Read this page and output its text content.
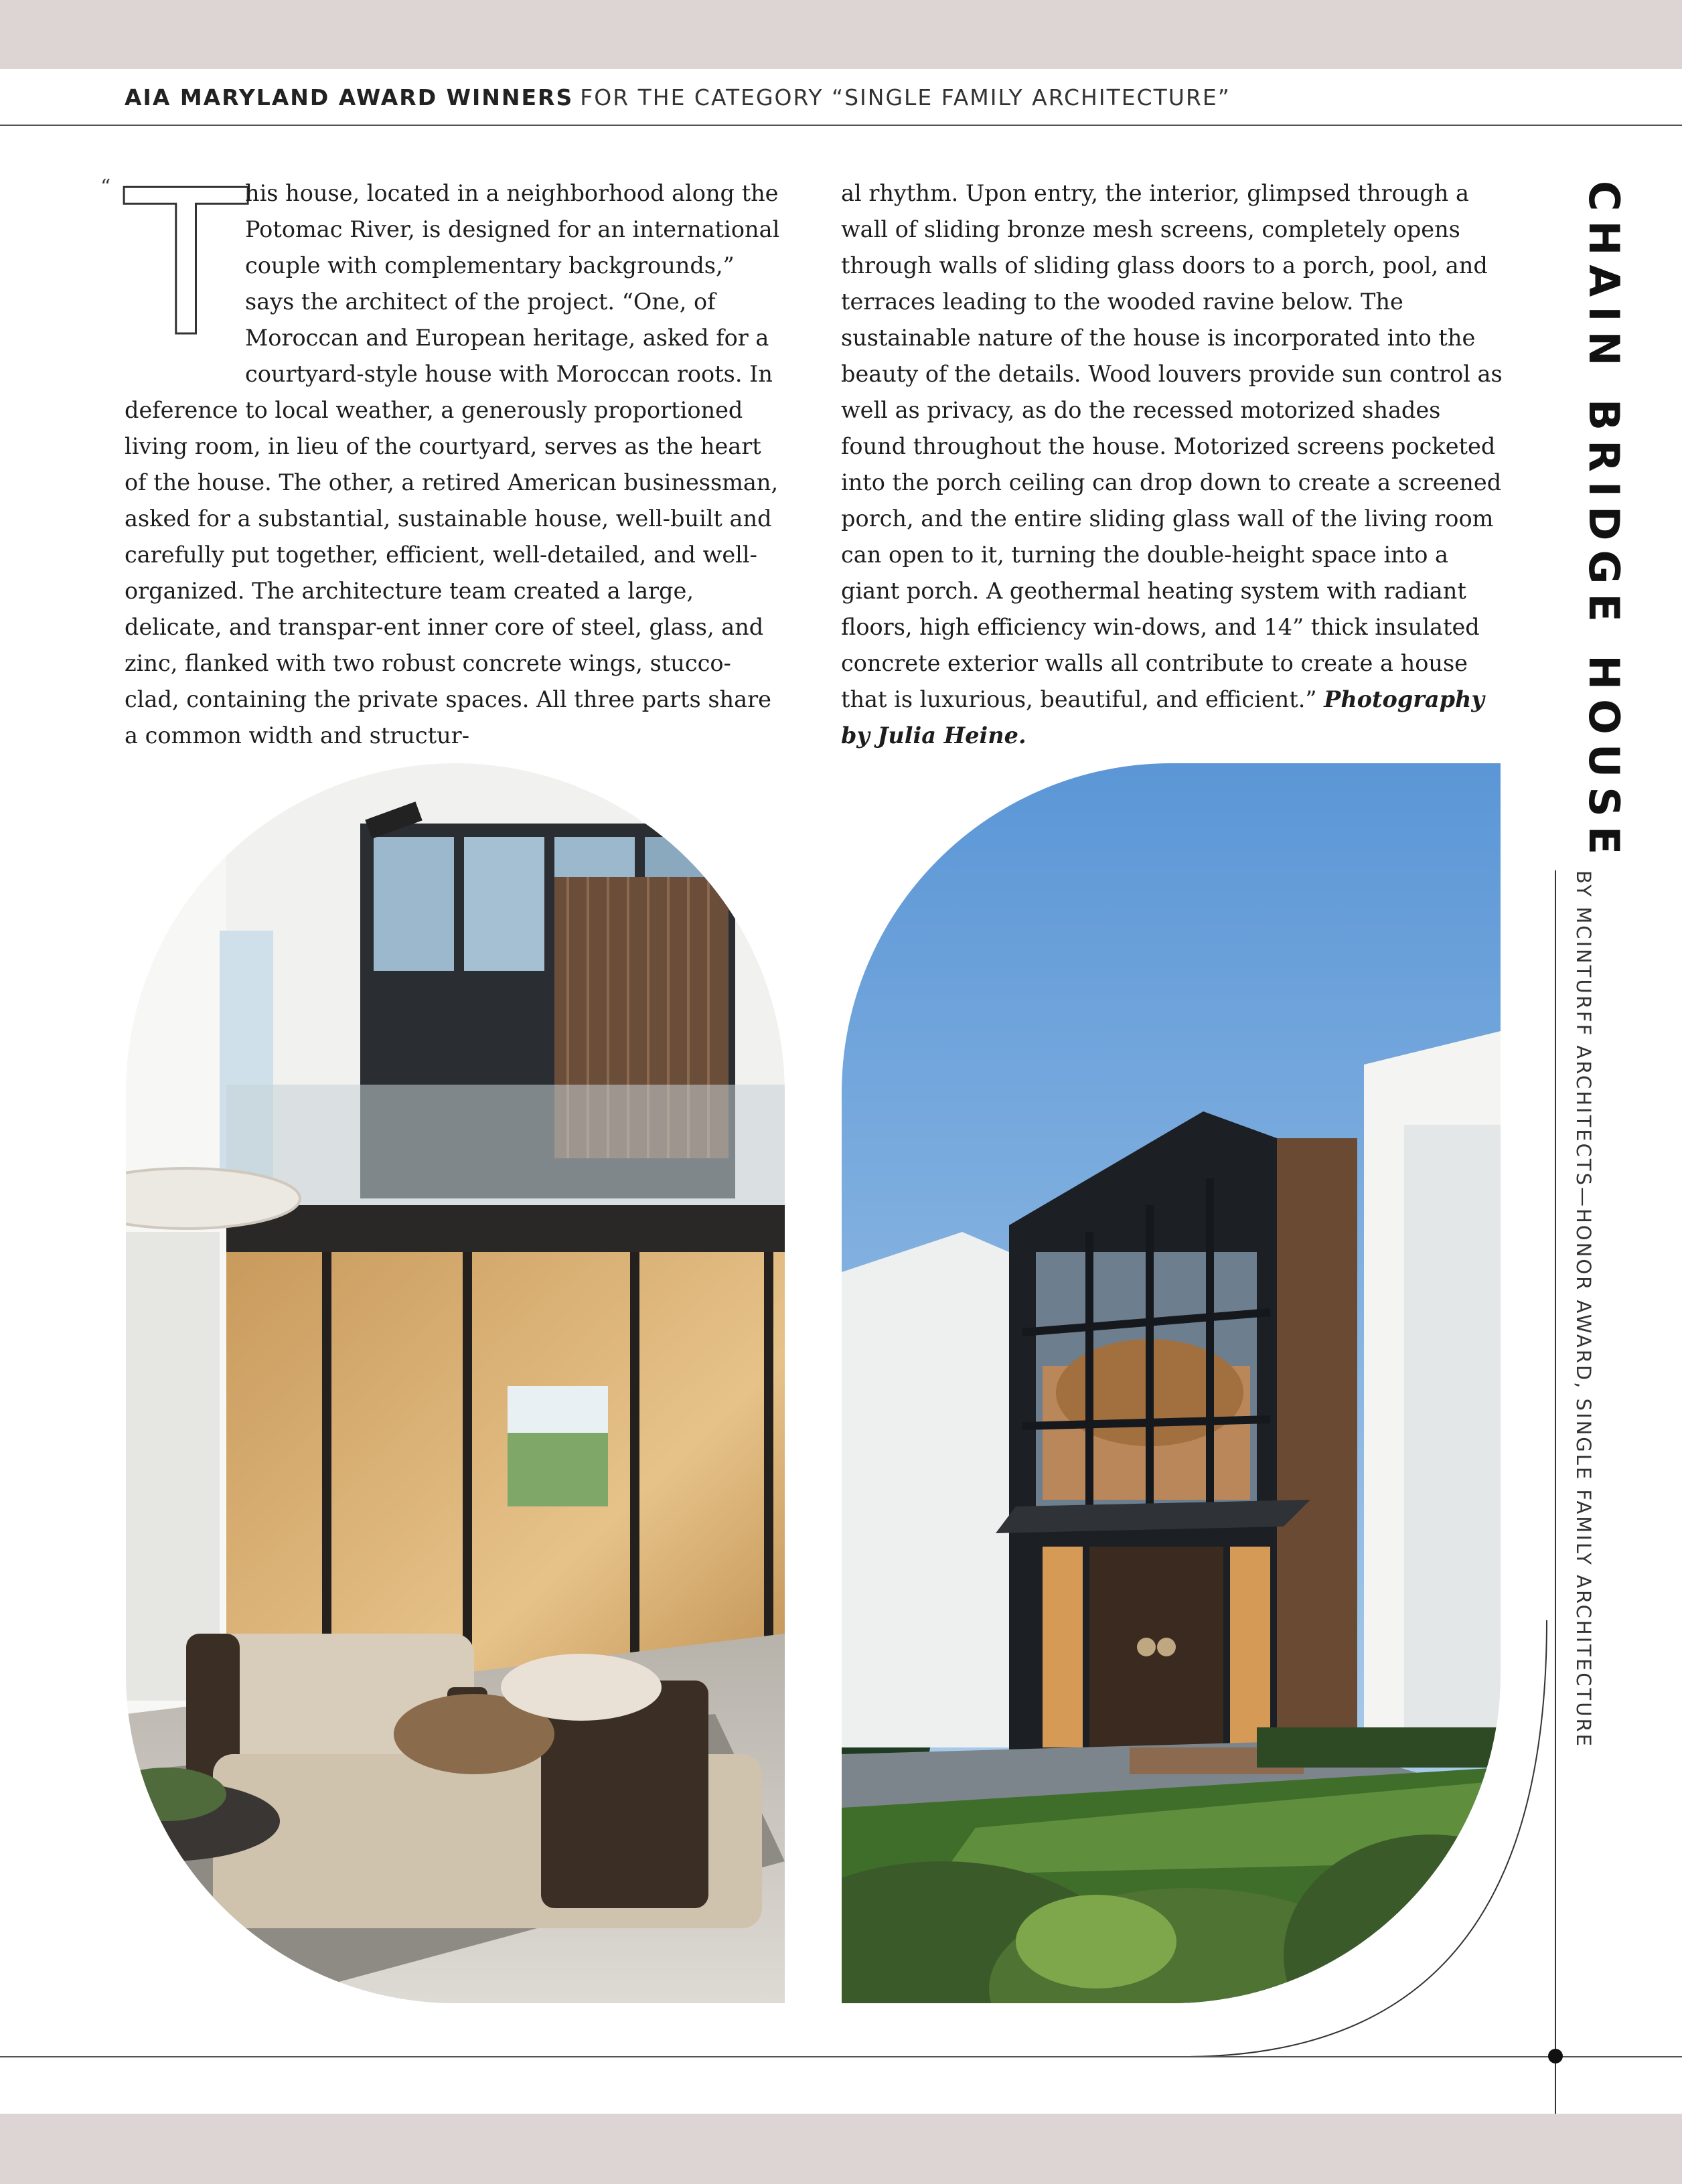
AIA MARYLAND AWARD WINNERS FOR THE CATEGORY “SINGLE FAMILY ARCHITECTURE”
“ T

his house, located in a neighborhood along the Potomac River, is designed for an international couple with complementary backgrounds,” says the architect of the project. “One, of Moroccan and European heritage, asked for a courtyard-style house with Moroccan roots. In deference to local weather, a generously proportioned living room, in lieu of the courtyard, serves as the heart of the house. The other, a retired American businessman, asked for a substantial, sustainable house, well-built and carefully put together, efficient, well-detailed, and well-organized. The architecture team created a large, delicate, and transpar-ent inner core of steel, glass, and zinc, flanked with two robust concrete wings, stucco-clad, containing the private spaces. All three parts share a common width and structur-

al rhythm. Upon entry, the interior, glimpsed through a wall of sliding bronze mesh screens, completely opens through walls of sliding glass doors to a porch, pool, and terraces leading to the wooded ravine below. The sustainable nature of the house is incorporated into the beauty of the details. Wood louvers provide sun control as well as privacy, as do the recessed motorized shades found throughout the house. Motorized screens pocketed into the porch ceiling can drop down to create a screened porch, and the entire sliding glass wall of the living room can open to it, turning the double-height space into a giant porch. A geothermal heating system with radiant floors, high efficiency win-dows, and 14” thick insulated concrete exterior walls all contribute to create a house that is luxurious, beautiful, and efficient.” Photography by Julia Heine.	CHAIN BRIDGE HOUSE
BY MCINTURFF ARCHITECTS—HONOR AWARD, SINGLE FAMILY ARCHITECTURE
